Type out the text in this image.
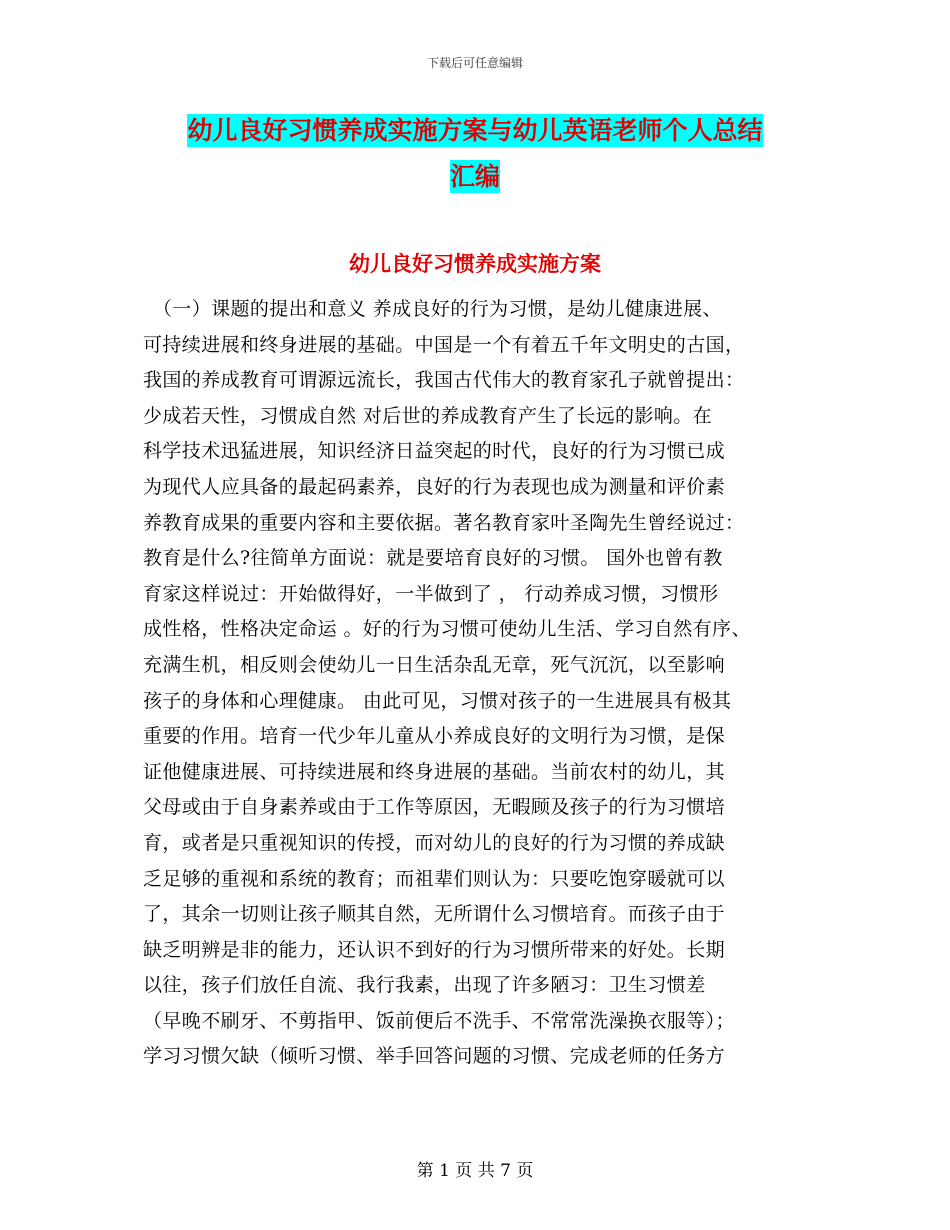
下载后可任意编辑
幼儿良好习惯养成实施方案与幼儿英语老师个人总结
汇编
幼儿良好习惯养成实施方案
　（一）课题的提出和意义 养成良好的行为习惯，是幼儿健康进展、
可持续进展和终身进展的基础。中国是一个有着五千年文明史的古国，
我国的养成教育可谓源远流长，我国古代伟大的教育家孔子就曾提出：
少成若天性，习惯成自然 对后世的养成教育产生了长远的影响。在
科学技术迅猛进展，知识经济日益突起的时代，良好的行为习惯已成
为现代人应具备的最起码素养，良好的行为表现也成为测量和评价素
养教育成果的重要内容和主要依据。著名教育家叶圣陶先生曾经说过：
教育是什么?往简单方面说：就是要培育良好的习惯。 国外也曾有教
育家这样说过：开始做得好，一半做到了 ， 行动养成习惯，习惯形
成性格，性格决定命运 。好的行为习惯可使幼儿生活、学习自然有序、
充满生机，相反则会使幼儿一日生活杂乱无章，死气沉沉，以至影响
孩子的身体和心理健康。 由此可见，习惯对孩子的一生进展具有极其
重要的作用。培育一代少年儿童从小养成良好的文明行为习惯，是保
证他健康进展、可持续进展和终身进展的基础。当前农村的幼儿，其
父母或由于自身素养或由于工作等原因，无暇顾及孩子的行为习惯培
育，或者是只重视知识的传授，而对幼儿的良好的行为习惯的养成缺
乏足够的重视和系统的教育；而祖辈们则认为：只要吃饱穿暖就可以
了，其余一切则让孩子顺其自然，无所谓什么习惯培育。而孩子由于
缺乏明辨是非的能力，还认识不到好的行为习惯所带来的好处。长期
以往，孩子们放任自流、我行我素，出现了许多陋习：卫生习惯差
（早晚不刷牙、不剪指甲、饭前便后不洗手、不常常洗澡换衣服等）；
学习习惯欠缺（倾听习惯、举手回答问题的习惯、完成老师的任务方
第 1 页 共 7 页
